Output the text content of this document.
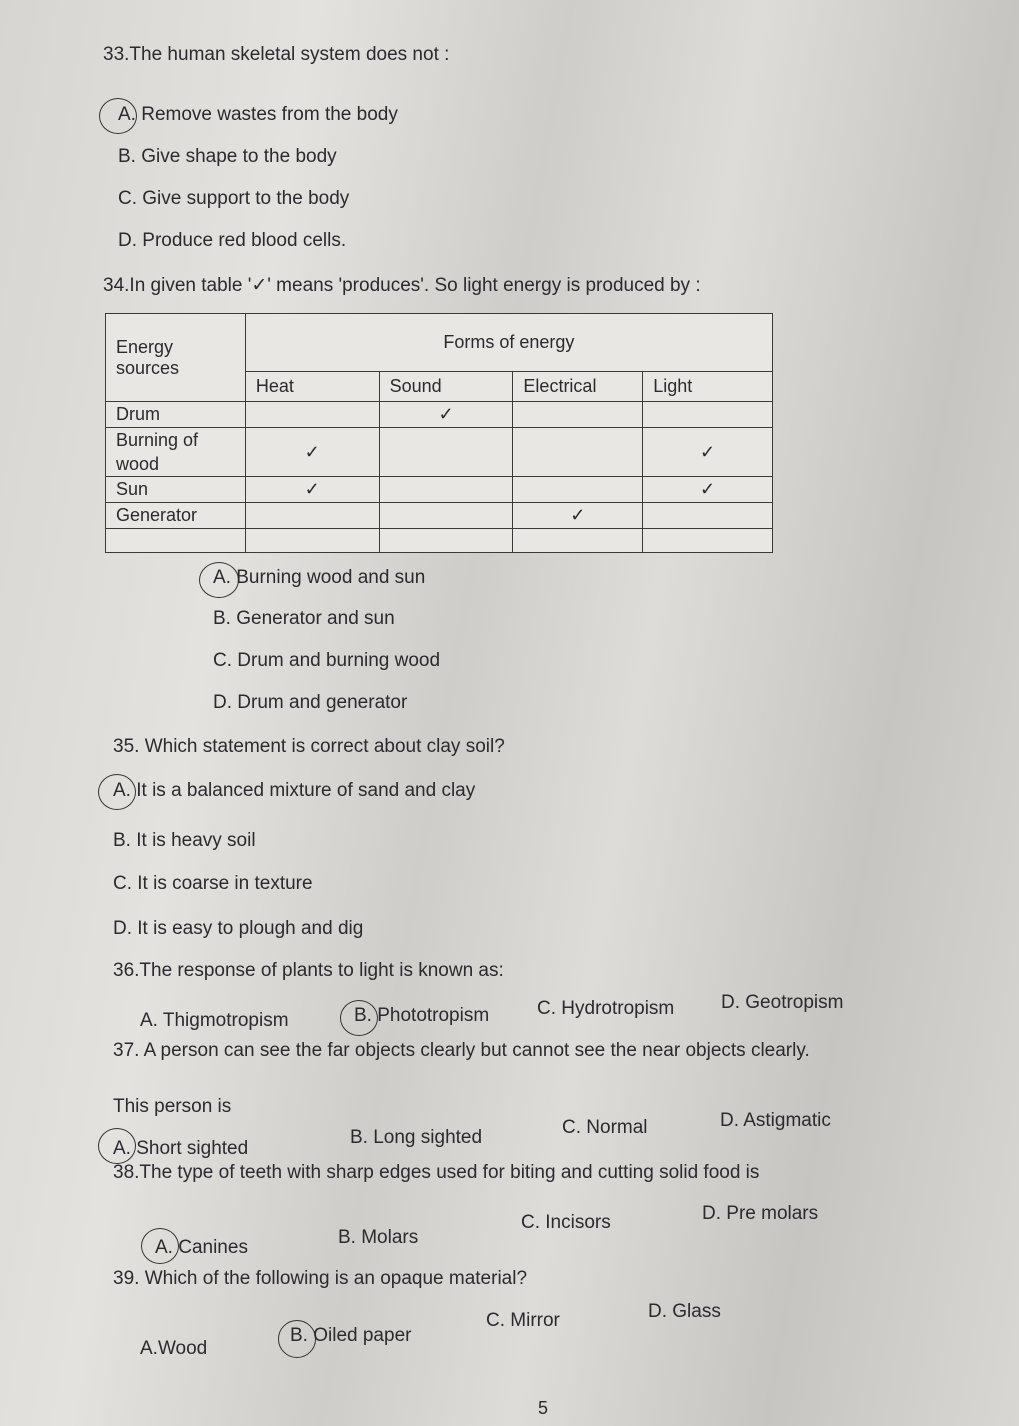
33.The human skeletal system does not :
A. Remove wastes from the body
B. Give shape to the body
C. Give support to the body
D. Produce red blood cells.
34.In given table '✓' means 'produces'. So light energy is produced by :
Energy sources	Forms of energy			
	Heat	Sound	Electrical	Light
Drum		✓		

Burning of wood	✓			✓

Sun	✓			✓

Generator			✓	

A. Burning wood and sun
B. Generator and sun
C. Drum and burning wood
D. Drum and generator
35. Which statement is correct about clay soil?
A. It is a balanced mixture of sand and clay
B. It is heavy soil
C. It is coarse in texture
D. It is easy to plough and dig
36.The response of plants to light is known as:
A. Thigmotropism	B. Phototropism	C. Hydrotropism D. Geotropism
37. A person can see the far objects clearly but cannot see the near objects clearly.
This person is
A. Short sighted
B. Long sighted	C. Normal	D. Astigmatic
38.The type of teeth with sharp edges used for biting and cutting solid food is
A. Canines	B. Molars
C. Incisors	D. Pre molars
39. Which of the following is an opaque material?
A.Wood
B. Oiled paper
C. Mirror	D. Glass
5
